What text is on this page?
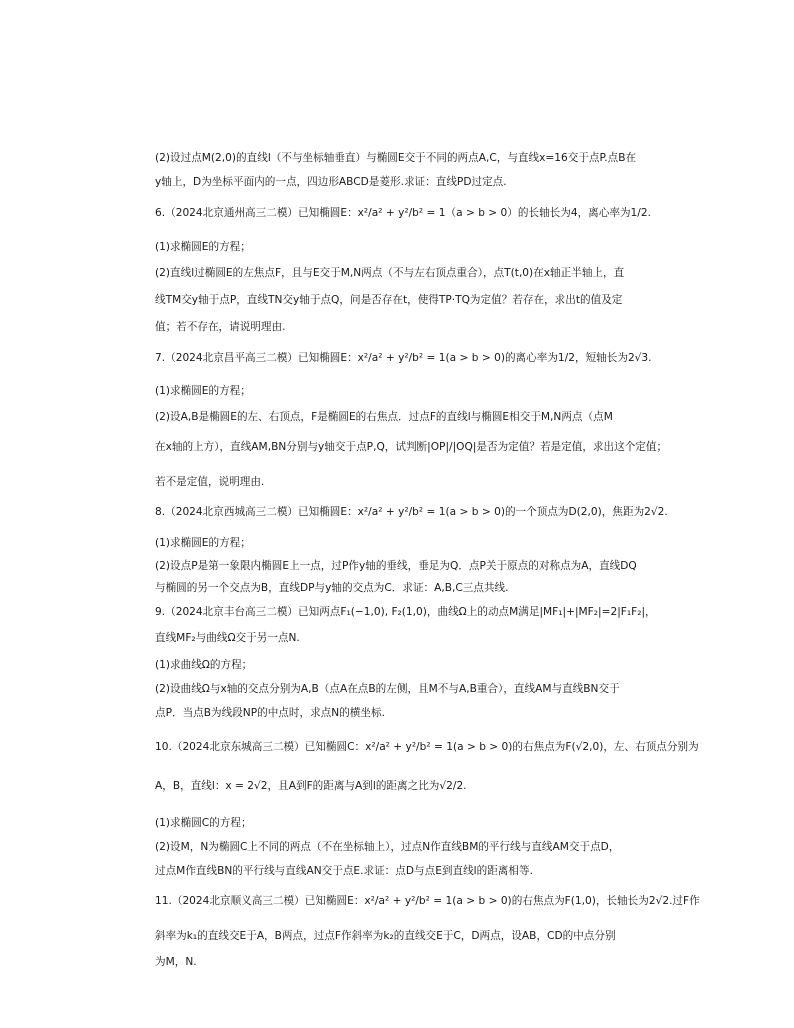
(2)设过点M(2,0)的直线l（不与坐标轴垂直）与椭圆E交于不同的两点A,C，与直线x=16交于点P.点B在
y轴上，D为坐标平面内的一点，四边形ABCD是菱形.求证：直线PD过定点.
6.（2024北京通州高三二模）已知椭圆E：x²/a² + y²/b² = 1（a > b > 0）的长轴长为4，离心率为1/2.
(1)求椭圆E的方程；
(2)直线l过椭圆E的左焦点F，且与E交于M,N两点（不与左右顶点重合），点T(t,0)在x轴正半轴上，直
线TM交y轴于点P，直线TN交y轴于点Q，问是否存在t，使得TP·TQ为定值？若存在，求出t的值及定
值；若不存在，请说明理由.
7.（2024北京昌平高三二模）已知椭圆E：x²/a² + y²/b² = 1(a > b > 0)的离心率为1/2，短轴长为2√3.
(1)求椭圆E的方程；
(2)设A,B是椭圆E的左、右顶点，F是椭圆E的右焦点．过点F的直线l与椭圆E相交于M,N两点（点M
在x轴的上方），直线AM,BN分别与y轴交于点P,Q，试判断|OP|/|OQ|是否为定值？若是定值，求出这个定值；
若不是定值，说明理由.
8.（2024北京西城高三二模）已知椭圆E：x²/a² + y²/b² = 1(a > b > 0)的一个顶点为D(2,0)，焦距为2√2.
(1)求椭圆E的方程；
(2)设点P是第一象限内椭圆E上一点，过P作y轴的垂线，垂足为Q．点P关于原点的对称点为A，直线DQ
与椭圆的另一个交点为B，直线DP与y轴的交点为C．求证：A,B,C三点共线.
9.（2024北京丰台高三二模）已知两点F₁(−1,0), F₂(1,0)，曲线Ω上的动点M满足|MF₁|+|MF₂|=2|F₁F₂|，
直线MF₂与曲线Ω交于另一点N.
(1)求曲线Ω的方程；
(2)设曲线Ω与x轴的交点分别为A,B（点A在点B的左侧，且M不与A,B重合），直线AM与直线BN交于
点P．当点B为线段NP的中点时，求点N的横坐标.
10.（2024北京东城高三二模）已知椭圆C：x²/a² + y²/b² = 1(a > b > 0)的右焦点为F(√2,0)，左、右顶点分别为
A，B，直线l：x = 2√2，且A到F的距离与A到l的距离之比为√2/2.
(1)求椭圆C的方程；
(2)设M，N为椭圆C上不同的两点（不在坐标轴上），过点N作直线BM的平行线与直线AM交于点D，
过点M作直线BN的平行线与直线AN交于点E.求证：点D与点E到直线l的距离相等.
11.（2024北京顺义高三二模）已知椭圆E：x²/a² + y²/b² = 1(a > b > 0)的右焦点为F(1,0)，长轴长为2√2.过F作
斜率为k₁的直线交E于A，B两点，过点F作斜率为k₂的直线交E于C，D两点，设AB，CD的中点分别
为M，N.
